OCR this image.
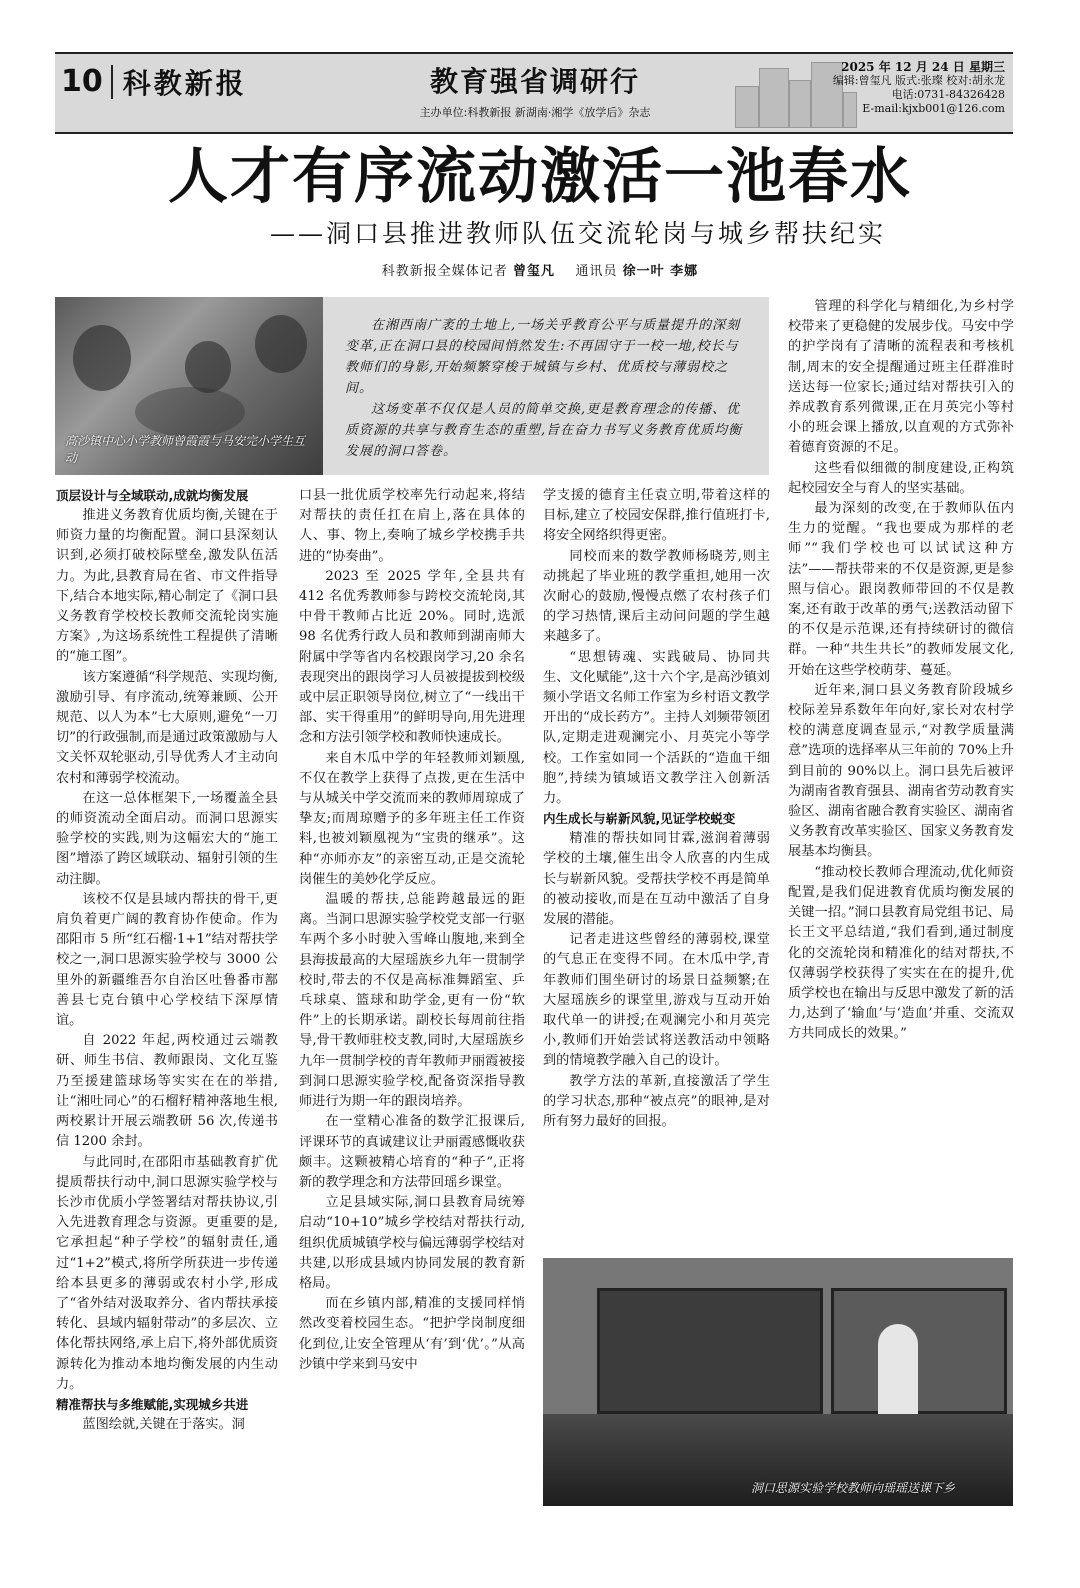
10 科教新报	教育强省调研行
主办单位:科教新报 新湖南·湘学《放学后》杂志
2025 年 12 月 24 日 星期三
编辑:曾玺凡 版式:张璨 校对:胡永龙
电话:0731-84326428
E-mail:kjxb001@126.com
人才有序流动激活一池春水
——洞口县推进教师队伍交流轮岗与城乡帮扶纪实
科教新报全媒体记者 曾玺凡 通讯员 徐一叶 李娜
高沙镇中心小学教师曾霞霞与马安完小学生互动

在湘西南广袤的土地上,一场关乎教育公平与质量提升的深刻变革,正在洞口县的校园间悄然发生:不再固守于一校一地,校长与教师们的身影,开始频繁穿梭于城镇与乡村、优质校与薄弱校之间。

这场变革不仅仅是人员的简单交换,更是教育理念的传播、优质资源的共享与教育生态的重塑,旨在奋力书写义务教育优质均衡发展的洞口答卷。

顶层设计与全域联动,成就均衡发展

推进义务教育优质均衡,关键在于师资力量的均衡配置。洞口县深刻认识到,必须打破校际壁垒,激发队伍活力。为此,县教育局在省、市文件指导下,结合本地实际,精心制定了《洞口县义务教育学校校长教师交流轮岗实施方案》,为这场系统性工程提供了清晰的“施工图”。

该方案遵循“科学规范、实现均衡,激励引导、有序流动,统筹兼顾、公开规范、以人为本”七大原则,避免“一刀切”的行政强制,而是通过政策激励与人文关怀双轮驱动,引导优秀人才主动向农村和薄弱学校流动。

在这一总体框架下,一场覆盖全县的师资流动全面启动。而洞口思源实验学校的实践,则为这幅宏大的“施工图”增添了跨区域联动、辐射引领的生动注脚。

该校不仅是县域内帮扶的骨干,更肩负着更广阔的教育协作使命。作为邵阳市 5 所“红石榴·1+1”结对帮扶学校之一,洞口思源实验学校与 3000 公里外的新疆维吾尔自治区吐鲁番市鄯善县七克台镇中心学校结下深厚情谊。

自 2022 年起,两校通过云端教研、师生书信、教师跟岗、文化互鉴乃至援建篮球场等实实在在的举措,让“湘吐同心”的石榴籽精神落地生根,两校累计开展云端教研 56 次,传递书信 1200 余封。

与此同时,在邵阳市基础教育扩优提质帮扶行动中,洞口思源实验学校与长沙市优质小学签署结对帮扶协议,引入先进教育理念与资源。更重要的是,它承担起“种子学校”的辐射责任,通过“1+2”模式,将所学所获进一步传递给本县更多的薄弱或农村小学,形成了“省外结对汲取养分、省内帮扶承接转化、县域内辐射带动”的多层次、立体化帮扶网络,承上启下,将外部优质资源转化为推动本地均衡发展的内生动力。

精准帮扶与多维赋能,实现城乡共进

蓝图绘就,关键在于落实。洞

口县一批优质学校率先行动起来,将结对帮扶的责任扛在肩上,落在具体的人、事、物上,奏响了城乡学校携手共进的“协奏曲”。

2023 至 2025 学年,全县共有 412 名优秀教师参与跨校交流轮岗,其中骨干教师占比近 20%。同时,选派 98 名优秀行政人员和教师到湖南师大附属中学等省内名校跟岗学习,20 余名表现突出的跟岗学习人员被提拔到校级或中层正职领导岗位,树立了“一线出干部、实干得重用”的鲜明导向,用先进理念和方法引领学校和教师快速成长。

来自木瓜中学的年轻教师刘颖凰,不仅在教学上获得了点拨,更在生活中与从城关中学交流而来的教师周琼成了挚友;而周琼赠予的多年班主任工作资料,也被刘颖凰视为“宝贵的继承”。这种“亦师亦友”的亲密互动,正是交流轮岗催生的美妙化学反应。

温暖的帮扶,总能跨越最远的距离。当洞口思源实验学校党支部一行驱车两个多小时驶入雪峰山腹地,来到全县海拔最高的大屋瑶族乡九年一贯制学校时,带去的不仅是高标准舞蹈室、乒乓球桌、篮球和助学金,更有一份“软件”上的长期承诺。副校长每周前往指导,骨干教师驻校支教,同时,大屋瑶族乡九年一贯制学校的青年教师尹丽霞被接到洞口思源实验学校,配备资深指导教师进行为期一年的跟岗培养。

在一堂精心准备的数学汇报课后,评课环节的真诚建议让尹丽霞感慨收获颇丰。这颗被精心培育的“种子”,正将新的教学理念和方法带回瑶乡课堂。

立足县域实际,洞口县教育局统筹启动“10+10”城乡学校结对帮扶行动,组织优质城镇学校与偏远薄弱学校结对共建,以形成县域内协同发展的教育新格局。

而在乡镇内部,精准的支援同样悄然改变着校园生态。“把护学岗制度细化到位,让安全管理从‘有’到‘优’。”从高沙镇中学来到马安中

学支援的德育主任袁立明,带着这样的目标,建立了校园安保群,推行值班打卡,将安全网络织得更密。

同校而来的数学教师杨晓芳,则主动挑起了毕业班的教学重担,她用一次次耐心的鼓励,慢慢点燃了农村孩子们的学习热情,课后主动问问题的学生越来越多了。

“思想铸魂、实践破局、协同共生、文化赋能”,这十六个字,是高沙镇刘频小学语文名师工作室为乡村语文教学开出的“成长药方”。主持人刘频带领团队,定期走进观澜完小、月英完小等学校。工作室如同一个活跃的“造血干细胞”,持续为镇域语文教学注入创新活力。

内生成长与崭新风貌,见证学校蜕变

精准的帮扶如同甘霖,滋润着薄弱学校的土壤,催生出令人欣喜的内生成长与崭新风貌。受帮扶学校不再是简单的被动接收,而是在互动中激活了自身发展的潜能。

记者走进这些曾经的薄弱校,课堂的气息正在变得不同。在木瓜中学,青年教师们围坐研讨的场景日益频繁;在大屋瑶族乡的课堂里,游戏与互动开始取代单一的讲授;在观澜完小和月英完小,教师们开始尝试将送教活动中领略到的情境教学融入自己的设计。

教学方法的革新,直接激活了学生的学习状态,那种“被点亮”的眼神,是对所有努力最好的回报。

管理的科学化与精细化,为乡村学校带来了更稳健的发展步伐。马安中学的护学岗有了清晰的流程表和考核机制,周末的安全提醒通过班主任群准时送达每一位家长;通过结对帮扶引入的养成教育系列微课,正在月英完小等村小的班会课上播放,以直观的方式弥补着德育资源的不足。

这些看似细微的制度建设,正构筑起校园安全与育人的坚实基础。

最为深刻的改变,在于教师队伍内生力的觉醒。“我也要成为那样的老师”“我们学校也可以试试这种方法”——帮扶带来的不仅是资源,更是参照与信心。跟岗教师带回的不仅是教案,还有敢于改革的勇气;送教活动留下的不仅是示范课,还有持续研讨的微信群。一种“共生共长”的教师发展文化,开始在这些学校萌芽、蔓延。

近年来,洞口县义务教育阶段城乡校际差异系数年年向好,家长对农村学校的满意度调查显示,“对教学质量满意”选项的选择率从三年前的 70%上升到目前的 90%以上。洞口县先后被评为湖南省教育强县、湖南省劳动教育实验区、湖南省融合教育实验区、湖南省义务教育改革实验区、国家义务教育发展基本均衡县。

“推动校长教师合理流动,优化师资配置,是我们促进教育优质均衡发展的关键一招。”洞口县教育局党组书记、局长王文平总结道,“我们看到,通过制度化的交流轮岗和精准化的结对帮扶,不仅薄弱学校获得了实实在在的提升,优质学校也在输出与反思中激发了新的活力,达到了‘输血’与‘造血’并重、交流双方共同成长的效果。”

洞口思源实验学校教师向瑶瑶送课下乡
